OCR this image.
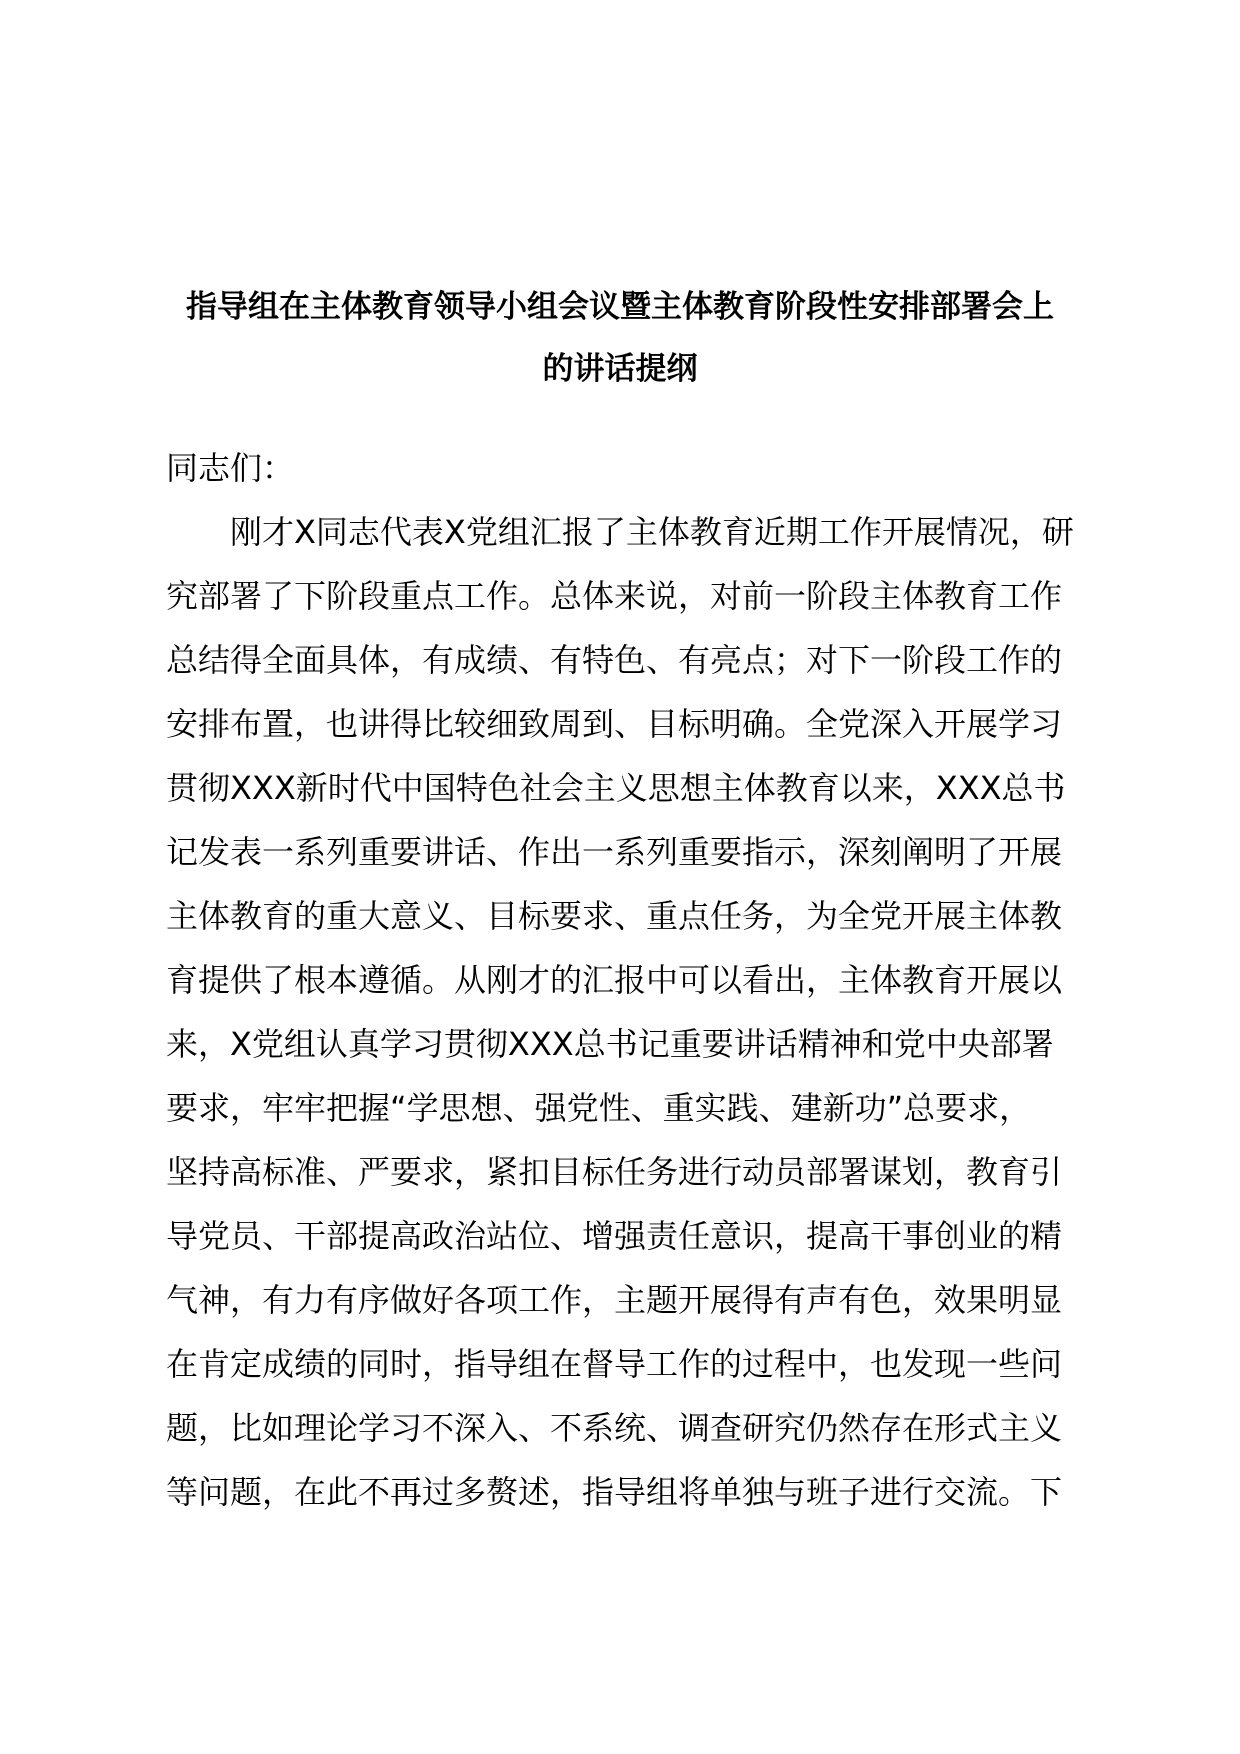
指导组在主体教育领导小组会议暨主体教育阶段性安排部署会上
的讲话提纲

同志们：

刚才X同志代表X党组汇报了主体教育近期工作开展情况，研
究部署了下阶段重点工作。总体来说，对前一阶段主体教育工作
总结得全面具体，有成绩、有特色、有亮点；对下一阶段工作的
安排布置，也讲得比较细致周到、目标明确。全党深入开展学习
贯彻XXX新时代中国特色社会主义思想主体教育以来，XXX总书
记发表一系列重要讲话、作出一系列重要指示，深刻阐明了开展
主体教育的重大意义、目标要求、重点任务，为全党开展主体教
育提供了根本遵循。从刚才的汇报中可以看出，主体教育开展以
来，X党组认真学习贯彻XXX总书记重要讲话精神和党中央部署
要求，牢牢把握“学思想、强党性、重实践、建新功”总要求，
坚持高标准、严要求，紧扣目标任务进行动员部署谋划，教育引
导党员、干部提高政治站位、增强责任意识，提高干事创业的精
气神，有力有序做好各项工作，主题开展得有声有色，效果明显
在肯定成绩的同时，指导组在督导工作的过程中，也发现一些问
题，比如理论学习不深入、不系统、调查研究仍然存在形式主义
等问题，在此不再过多赘述，指导组将单独与班子进行交流。下
